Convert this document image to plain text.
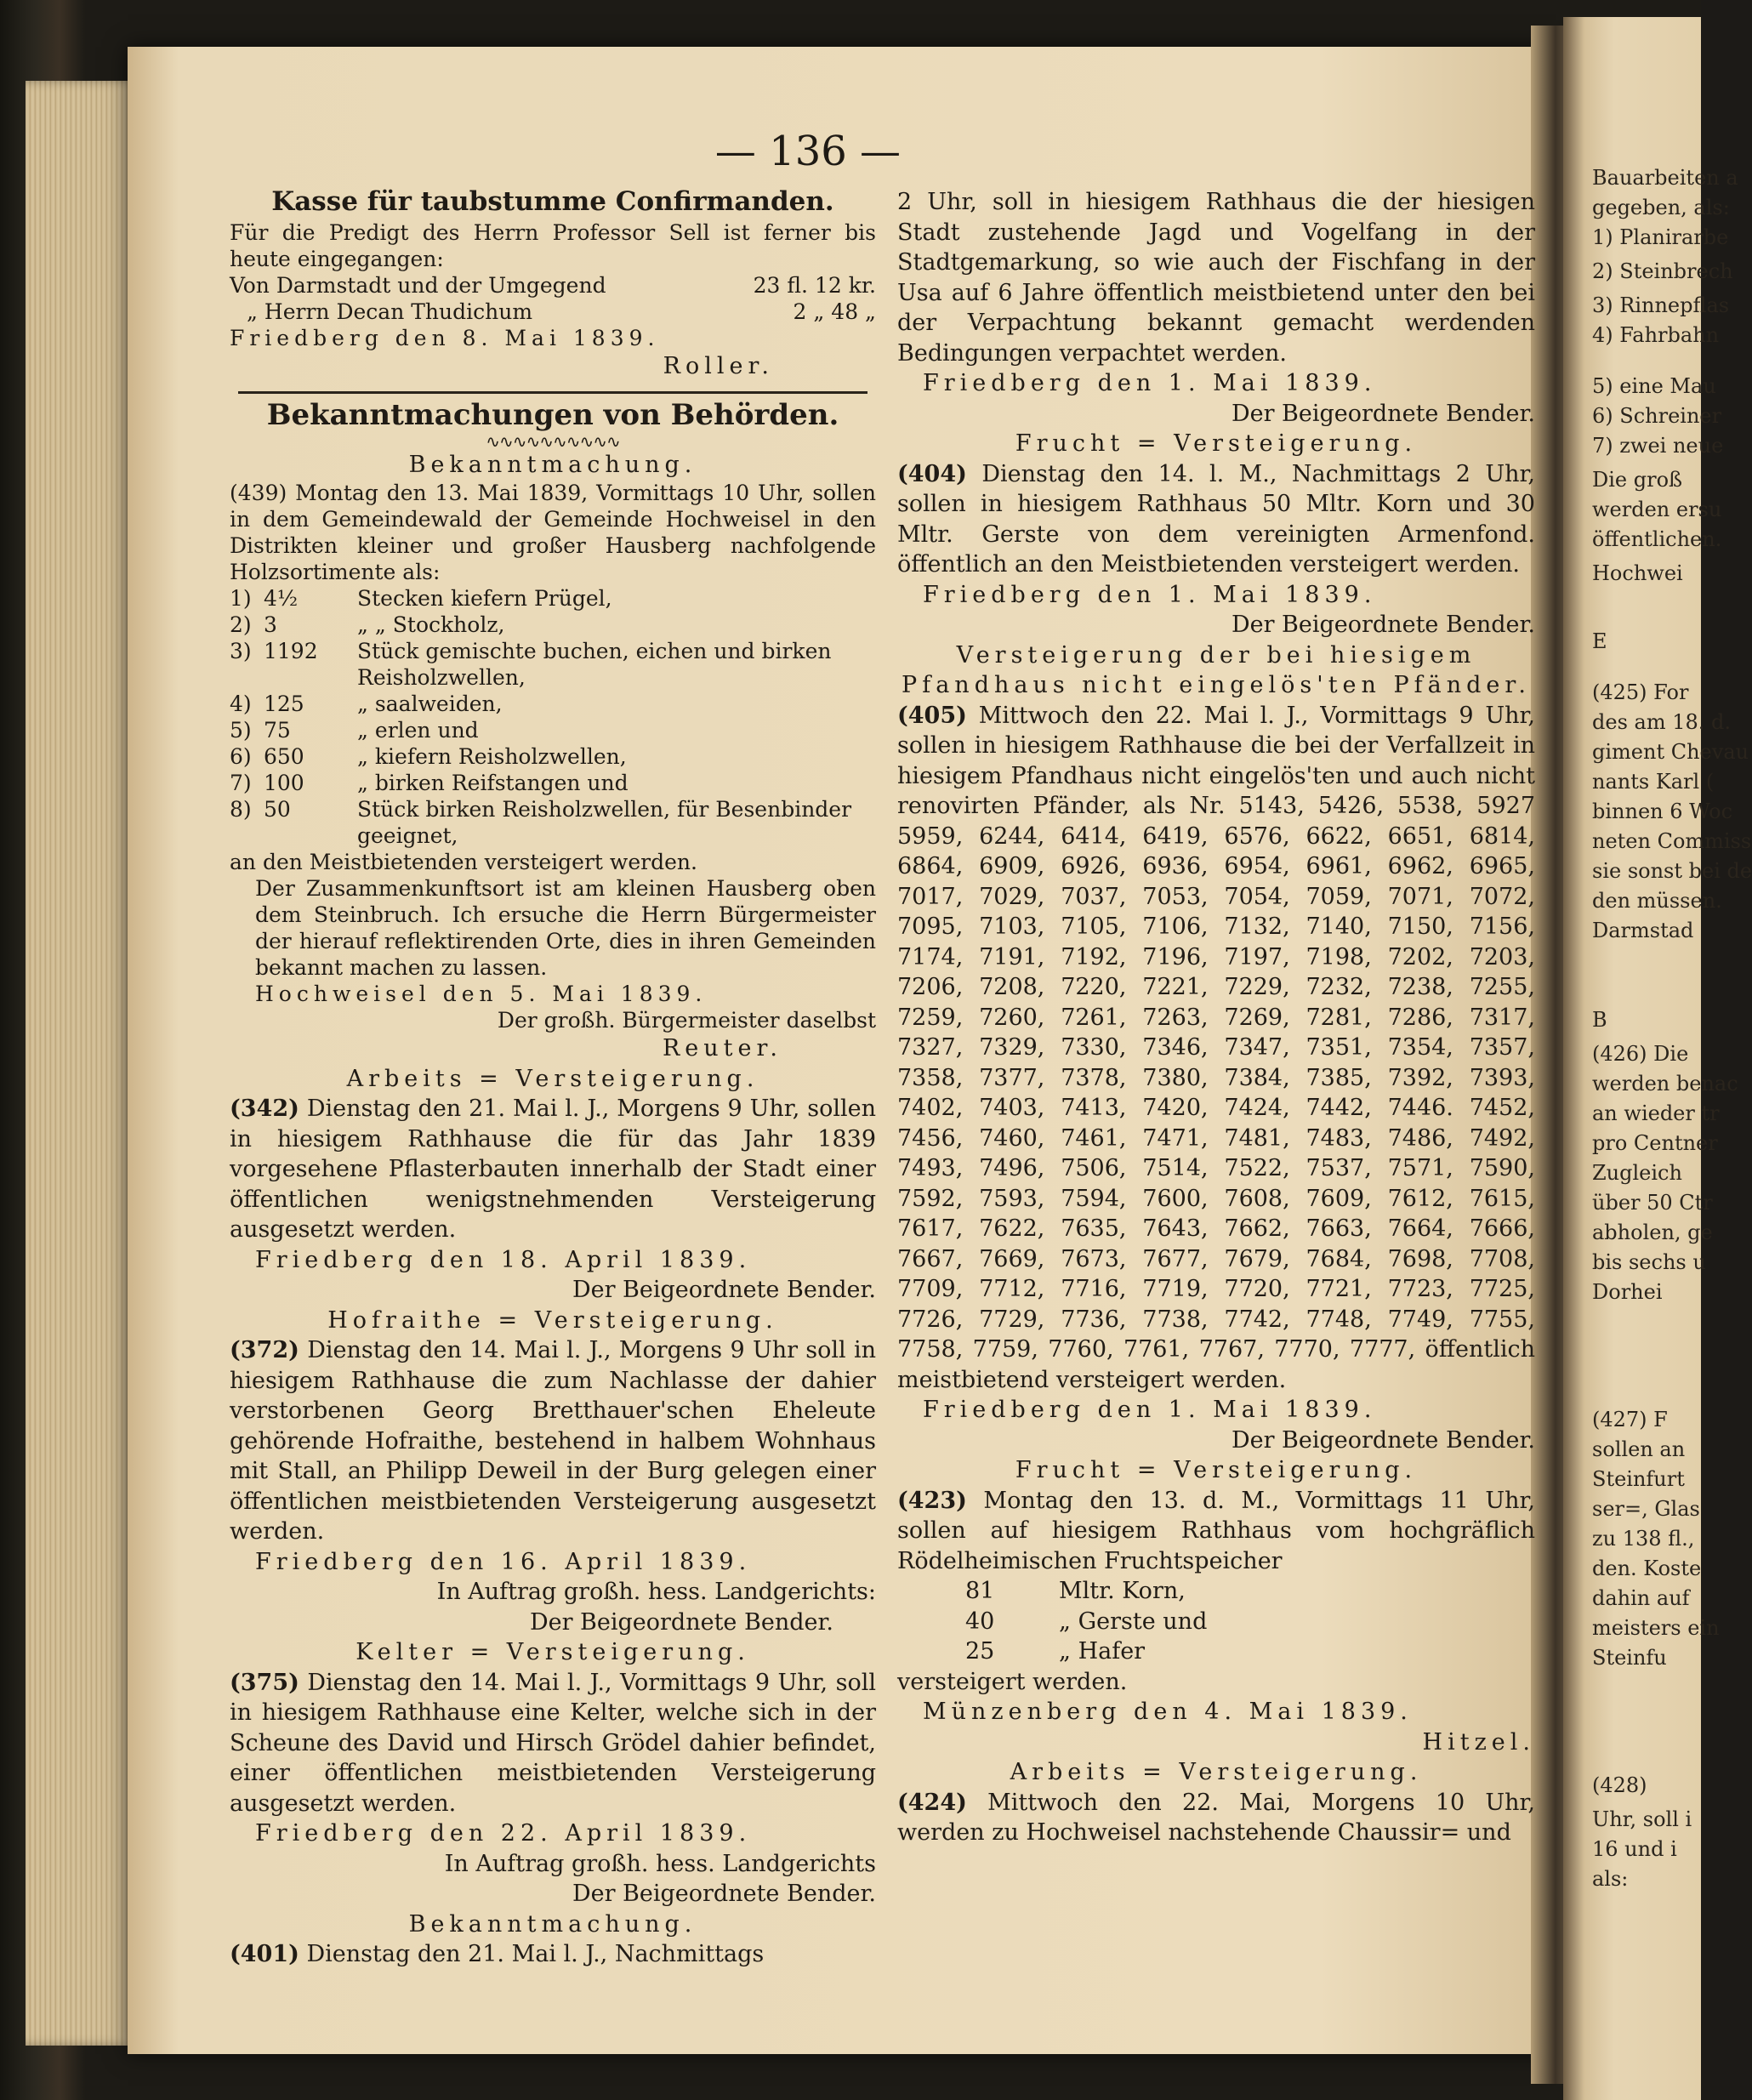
— 136 —
Kasse für taubstumme Confirmanden.

Für die Predigt des Herrn Professor Sell ist ferner bis heute eingegangen:

Von Darmstadt und der Umgegend	23 fl. 12 kr.
„ Herrn Decan Thudichum	2 „ 48 „
Friedberg den 8. Mai 1839.
Roller.
Bekanntmachungen von Behörden.
∿∿∿∿∿∿∿∿∿∿
Bekanntmachung.

(439) Montag den 13. Mai 1839, Vormittags 10 Uhr, sollen in dem Gemeindewald der Gemeinde Hochweisel in den Distrikten kleiner und großer Hausberg nachfolgende Holzsortimente als:

1) 4½	Stecken kiefern Prügel,
2) 3	„ „ Stockholz,
3) 1192	Stück gemischte buchen, eichen und birken Reisholzwellen,
4) 125	„ saalweiden,
5) 75	„ erlen und
6) 650	„ kiefern Reisholzwellen,
7) 100	„ birken Reifstangen und
8) 50	Stück birken Reisholzwellen, für Besenbinder geeignet,

an den Meistbietenden versteigert werden.

Der Zusammenkunftsort ist am kleinen Hausberg oben dem Steinbruch. Ich ersuche die Herrn Bürgermeister der hierauf reflektirenden Orte, dies in ihren Gemeinden bekannt machen zu lassen.

Hochweisel den 5. Mai 1839.
Der großh. Bürgermeister daselbst
Reuter.
Arbeits = Versteigerung.

(342) Dienstag den 21. Mai l. J., Morgens 9 Uhr, sollen in hiesigem Rathhause die für das Jahr 1839 vorgesehene Pflasterbauten innerhalb der Stadt einer öffentlichen wenigstnehmenden Versteigerung ausgesetzt werden.

Friedberg den 18. April 1839.
Der Beigeordnete Bender.
Hofraithe = Versteigerung.

(372) Dienstag den 14. Mai l. J., Morgens 9 Uhr soll in hiesigem Rathhause die zum Nachlasse der dahier verstorbenen Georg Bretthauer'schen Eheleute gehörende Hofraithe, bestehend in halbem Wohnhaus mit Stall, an Philipp Deweil in der Burg gelegen einer öffentlichen meistbietenden Versteigerung ausgesetzt werden.

Friedberg den 16. April 1839.
In Auftrag großh. hess. Landgerichts:
Der Beigeordnete Bender.
Kelter = Versteigerung.

(375) Dienstag den 14. Mai l. J., Vormittags 9 Uhr, soll in hiesigem Rathhause eine Kelter, welche sich in der Scheune des David und Hirsch Grödel dahier befindet, einer öffentlichen meistbietenden Versteigerung ausgesetzt werden.

Friedberg den 22. April 1839.
In Auftrag großh. hess. Landgerichts
Der Beigeordnete Bender.
Bekanntmachung.

(401) Dienstag den 21. Mai l. J., Nachmittags

2 Uhr, soll in hiesigem Rathhaus die der hiesigen Stadt zustehende Jagd und Vogelfang in der Stadtgemarkung, so wie auch der Fischfang in der Usa auf 6 Jahre öffentlich meistbietend unter den bei der Verpachtung bekannt gemacht werdenden Bedingungen verpachtet werden.

Friedberg den 1. Mai 1839.
Der Beigeordnete Bender.
Frucht = Versteigerung.

(404) Dienstag den 14. l. M., Nachmittags 2 Uhr, sollen in hiesigem Rathhaus 50 Mltr. Korn und 30 Mltr. Gerste von dem vereinigten Armenfond. öffentlich an den Meistbietenden versteigert werden.

Friedberg den 1. Mai 1839.
Der Beigeordnete Bender.
Versteigerung der bei hiesigem Pfandhaus nicht eingelös'ten Pfänder.

(405) Mittwoch den 22. Mai l. J., Vormittags 9 Uhr, sollen in hiesigem Rathhause die bei der Verfallzeit in hiesigem Pfandhaus nicht eingelös'ten und auch nicht renovirten Pfänder, als Nr. 5143, 5426, 5538, 5927 5959, 6244, 6414, 6419, 6576, 6622, 6651, 6814, 6864, 6909, 6926, 6936, 6954, 6961, 6962, 6965, 7017, 7029, 7037, 7053, 7054, 7059, 7071, 7072, 7095, 7103, 7105, 7106, 7132, 7140, 7150, 7156, 7174, 7191, 7192, 7196, 7197, 7198, 7202, 7203, 7206, 7208, 7220, 7221, 7229, 7232, 7238, 7255, 7259, 7260, 7261, 7263, 7269, 7281, 7286, 7317, 7327, 7329, 7330, 7346, 7347, 7351, 7354, 7357, 7358, 7377, 7378, 7380, 7384, 7385, 7392, 7393, 7402, 7403, 7413, 7420, 7424, 7442, 7446. 7452, 7456, 7460, 7461, 7471, 7481, 7483, 7486, 7492, 7493, 7496, 7506, 7514, 7522, 7537, 7571, 7590, 7592, 7593, 7594, 7600, 7608, 7609, 7612, 7615, 7617, 7622, 7635, 7643, 7662, 7663, 7664, 7666, 7667, 7669, 7673, 7677, 7679, 7684, 7698, 7708, 7709, 7712, 7716, 7719, 7720, 7721, 7723, 7725, 7726, 7729, 7736, 7738, 7742, 7748, 7749, 7755, 7758, 7759, 7760, 7761, 7767, 7770, 7777, öffentlich meistbietend versteigert werden.

Friedberg den 1. Mai 1839.
Der Beigeordnete Bender.
Frucht = Versteigerung.

(423) Montag den 13. d. M., Vormittags 11 Uhr, sollen auf hiesigem Rathhaus vom hochgräflich Rödelheimischen Fruchtspeicher

81	Mltr. Korn,
40	„ Gerste und
25	„ Hafer
versteigert werden.
Münzenberg den 4. Mai 1839.
Hitzel.
Arbeits = Versteigerung.

(424) Mittwoch den 22. Mai, Morgens 10 Uhr, werden zu Hochweisel nachstehende Chaussir= und

Bauarbeiten a
gegeben, als:
1) Planirarbe
2) Steinbrech
3) Rinnepflas
4) Fahrbahn
5) eine Mau
6) Schreiner
7) zwei neue
Die groß
werden ersu
öffentlichen.
Hochwei
E
(425) For
des am 18. d.
giment Chevau
nants Karl (
binnen 6 Woc
neten Commiss
sie sonst bei de
den müssen.
Darmstad
B
(426) Die
werden benac
an wieder tr
pro Centner
Zugleich
über 50 Ctr
abholen, ge
bis sechs u
Dorhei
(427) F
sollen an
Steinfurt
ser=, Glas
zu 138 fl.,
den. Koste
dahin auf
meisters ein
Steinfu
(428)
Uhr, soll i
16 und i
als:
